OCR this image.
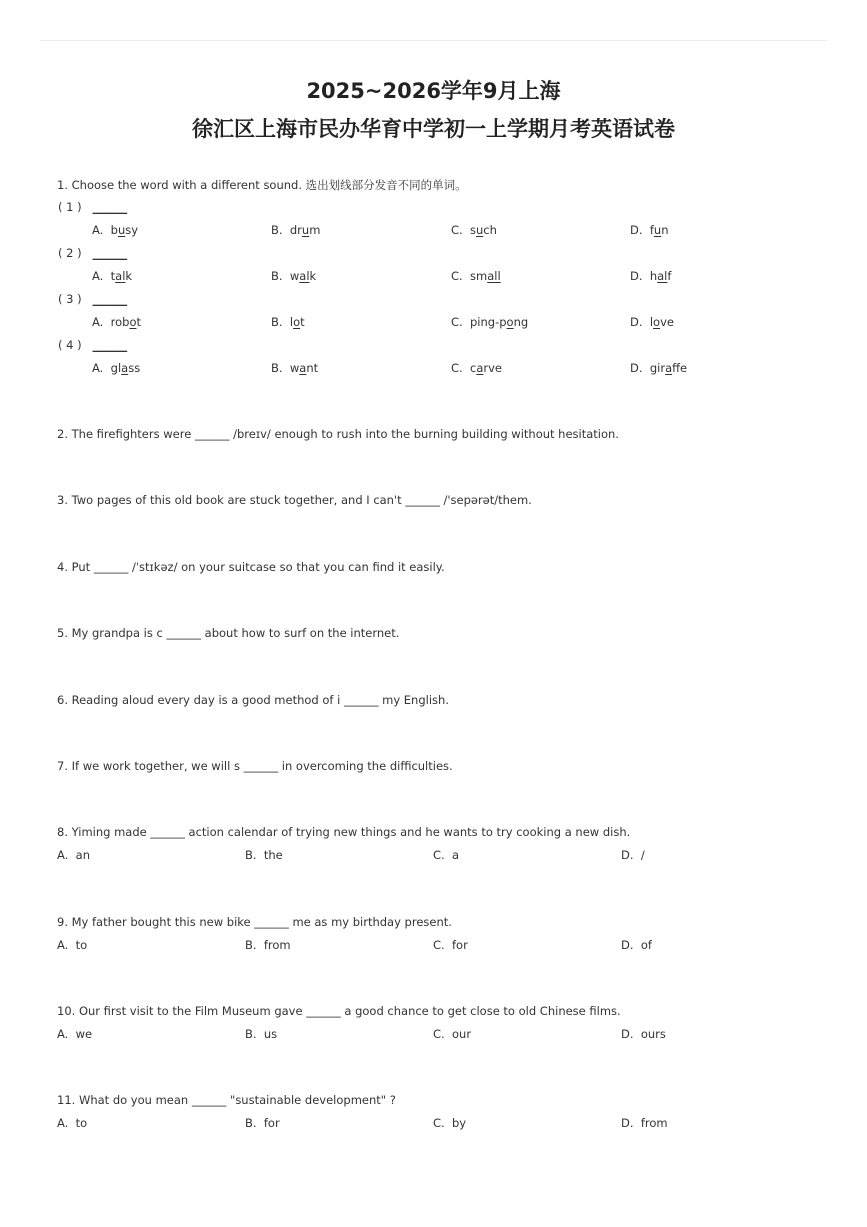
2025~2026学年9月上海
徐汇区上海市民办华育中学初一上学期月考英语试卷
1. Choose the word with a different sound. 选出划线部分发音不同的单词。
( 1 ) ______
A. busy	B. drum	C. such	D. fun
( 2 ) ______
A. talk	B. walk	C. small	D. half
( 3 ) ______
A. robot	B. lot	C. ping-pong	D. love
( 4 ) ______
A. glass	B. want	C. carve	D. giraffe
2. The firefighters were ______ /breɪv/ enough to rush into the burning building without hesitation.
3. Two pages of this old book are stuck together, and I can't ______ /'sepərət/them.
4. Put ______ /ˈstɪkəz/ on your suitcase so that you can find it easily.
5. My grandpa is c ______ about how to surf on the internet.
6. Reading aloud every day is a good method of i ______ my English.
7. If we work together, we will s ______ in overcoming the difficulties.
8. Yiming made ______ action calendar of trying new things and he wants to try cooking a new dish.
A. an	B. the	C. a	D. /
9. My father bought this new bike ______ me as my birthday present.
A. to	B. from	C. for	D. of
10. Our first visit to the Film Museum gave ______ a good chance to get close to old Chinese films.
A. we	B. us	C. our	D. ours
11. What do you mean ______ "sustainable development" ?
A. to	B. for	C. by	D. from
